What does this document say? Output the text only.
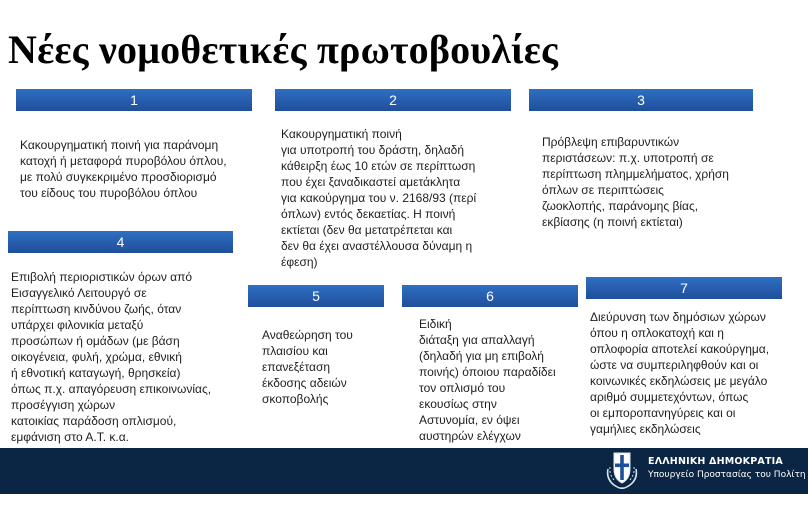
Νέες νομοθετικές πρωτοβουλίες
1
Κακουργηματική ποινή για παράνομη
κατοχή ή μεταφορά πυροβόλου όπλου,
με πολύ συγκεκριμένο προσδιορισμό
του είδους του πυροβόλου όπλου
2
Κακουργηματική ποινή
για υποτροπή του δράστη, δηλαδή
κάθειρξη έως 10 ετών σε περίπτωση
που έχει ξαναδικαστεί αμετάκλητα
για κακούργημα του ν. 2168/93 (περί
όπλων) εντός δεκαετίας. Η ποινή
εκτίεται (δεν θα μετατρέπεται και
δεν θα έχει αναστέλλουσα δύναμη η
έφεση)
3
Πρόβλεψη επιβαρυντικών
περιστάσεων: π.χ. υποτροπή σε
περίπτωση πλημμελήματος, χρήση
όπλων σε περιπτώσεις
ζωοκλοπής, παράνομης βίας,
εκβίασης (η ποινή εκτίεται)
4
Επιβολή περιοριστικών όρων από
Εισαγγελικό Λειτουργό σε
περίπτωση κινδύνου ζωής, όταν
υπάρχει φιλονικία μεταξύ
προσώπων ή ομάδων (με βάση
οικογένεια, φυλή, χρώμα, εθνική
ή εθνοτική καταγωγή, θρησκεία)
όπως π.χ. απαγόρευση επικοινωνίας,
προσέγγιση χώρων
κατοικίας παράδοση οπλισμού,
εμφάνιση στο Α.Τ. κ.α.
5
Αναθεώρηση του
πλαισίου και
επανεξέταση
έκδοσης αδειών
σκοποβολής
6
Ειδική
διάταξη για απαλλαγή
(δηλαδή για μη επιβολή
ποινής) όποιου παραδίδει
τον οπλισμό του
εκουσίως στην
Αστυνομία, εν όψει
αυστηρών ελέγχων
7
Διεύρυνση των δημόσιων χώρων
όπου η οπλοκατοχή και η
οπλοφορία αποτελεί κακούργημα,
ώστε να συμπεριληφθούν και οι
κοινωνικές εκδηλώσεις με μεγάλο
αριθμό συμμετεχόντων, όπως
οι εμποροπανηγύρεις και οι
γαμήλιες εκδηλώσεις
ΕΛΛΗΝΙΚΗ ΔΗΜΟΚΡΑΤΙΑ
Υπουργείο Προστασίας του Πολίτη
